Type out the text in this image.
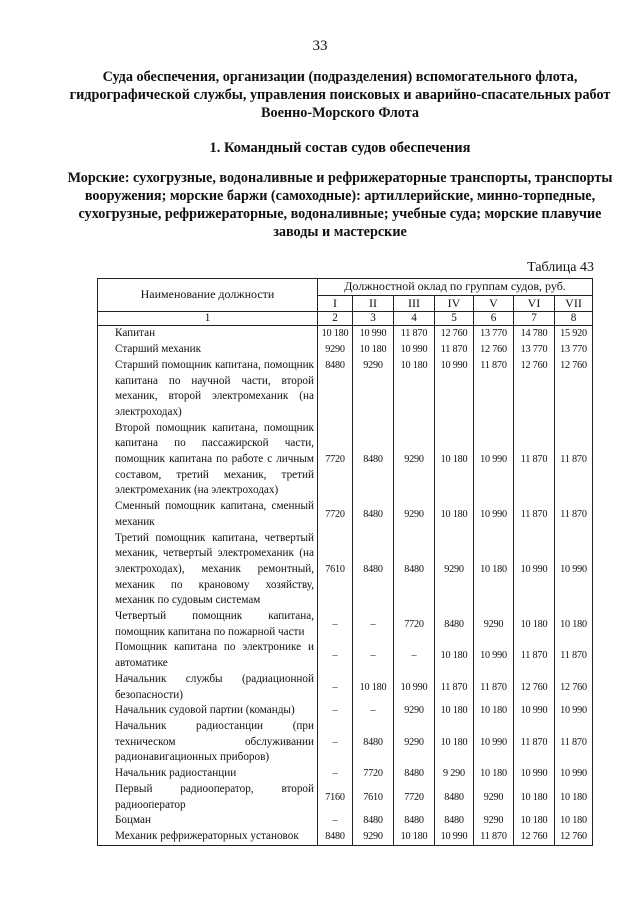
33
Суда обеспечения, организации (подразделения) вспомогательного флота, гидрографической службы, управления поисковых и аварийно-спасательных работ Военно-Морского Флота
1. Командный состав судов обеспечения
Морские: сухогрузные, водоналивные и рефрижераторные транспорты, транспорты вооружения; морские баржи (самоходные): артиллерийские, минно-торпедные, сухогрузные, рефрижераторные, водоналивные; учебные суда; морские плавучие заводы и мастерские
Таблица 43
Наименование должности	Должностной оклад по группам судов, руб.						
	I	II	III	IV	V	VI	VII
1	2	3	4	5	6	7	8

Капитан	10 180	10 990	11 870	12 760	13 770	14 780	15 920

Старший механик	9290	10 180	10 990	11 870	12 760	13 770	13 770

Старший помощник капитана, помощник капитана по научной части, второй механик, второй электромеханик (на электроходах)	8480	9290	10 180	10 990	11 870	12 760	12 760

Второй помощник капитана, помощник капитана по пассажирской части, помощник капитана по работе с личным составом, третий механик, третий электромеханик (на электроходах)	7720	8480	9290	10 180	10 990	11 870	11 870

Сменный помощник капитана, сменный механик	7720	8480	9290	10 180	10 990	11 870	11 870

Третий помощник капитана, четвертый механик, четвертый электромеханик (на электроходах), механик ремонтный, механик по крановому хозяйству, механик по судовым системам	7610	8480	8480	9290	10 180	10 990	10 990

Четвертый помощник капитана, помощник капитана по пожарной части	–	–	7720	8480	9290	10 180	10 180

Помощник капитана по электронике и автоматике	–	–	–	10 180	10 990	11 870	11 870

Начальник службы (радиационной безопасности)	–	10 180	10 990	11 870	11 870	12 760	12 760

Начальник судовой партии (команды)	–	–	9290	10 180	10 180	10 990	10 990

Начальник радиостанции (при техническом обслуживании радионавигационных приборов)	–	8480	9290	10 180	10 990	11 870	11 870

Начальник радиостанции	–	7720	8480	9 290	10 180	10 990	10 990

Первый радиооператор, второй радиооператор	7160	7610	7720	8480	9290	10 180	10 180

Боцман	–	8480	8480	8480	9290	10 180	10 180

Механик рефрижераторных установок	8480	9290	10 180	10 990	11 870	12 760	12 760
